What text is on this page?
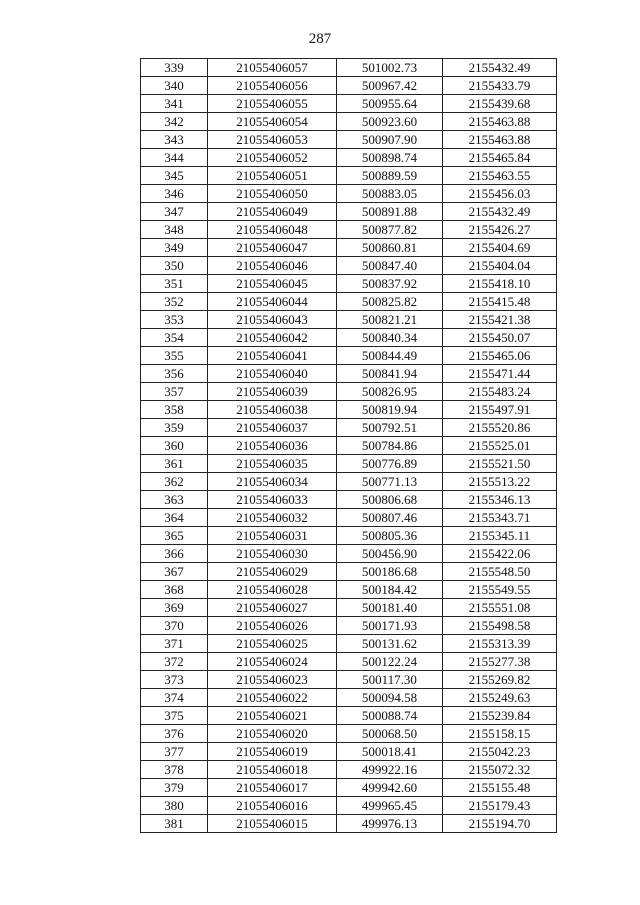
287
339	21055406057	501002.73	2155432.49
340	21055406056	500967.42	2155433.79
341	21055406055	500955.64	2155439.68
342	21055406054	500923.60	2155463.88
343	21055406053	500907.90	2155463.88
344	21055406052	500898.74	2155465.84
345	21055406051	500889.59	2155463.55
346	21055406050	500883.05	2155456.03
347	21055406049	500891.88	2155432.49
348	21055406048	500877.82	2155426.27
349	21055406047	500860.81	2155404.69
350	21055406046	500847.40	2155404.04
351	21055406045	500837.92	2155418.10
352	21055406044	500825.82	2155415.48
353	21055406043	500821.21	2155421.38
354	21055406042	500840.34	2155450.07
355	21055406041	500844.49	2155465.06
356	21055406040	500841.94	2155471.44
357	21055406039	500826.95	2155483.24
358	21055406038	500819.94	2155497.91
359	21055406037	500792.51	2155520.86
360	21055406036	500784.86	2155525.01
361	21055406035	500776.89	2155521.50
362	21055406034	500771.13	2155513.22
363	21055406033	500806.68	2155346.13
364	21055406032	500807.46	2155343.71
365	21055406031	500805.36	2155345.11
366	21055406030	500456.90	2155422.06
367	21055406029	500186.68	2155548.50
368	21055406028	500184.42	2155549.55
369	21055406027	500181.40	2155551.08
370	21055406026	500171.93	2155498.58
371	21055406025	500131.62	2155313.39
372	21055406024	500122.24	2155277.38
373	21055406023	500117.30	2155269.82
374	21055406022	500094.58	2155249.63
375	21055406021	500088.74	2155239.84
376	21055406020	500068.50	2155158.15
377	21055406019	500018.41	2155042.23
378	21055406018	499922.16	2155072.32
379	21055406017	499942.60	2155155.48
380	21055406016	499965.45	2155179.43
381	21055406015	499976.13	2155194.70
